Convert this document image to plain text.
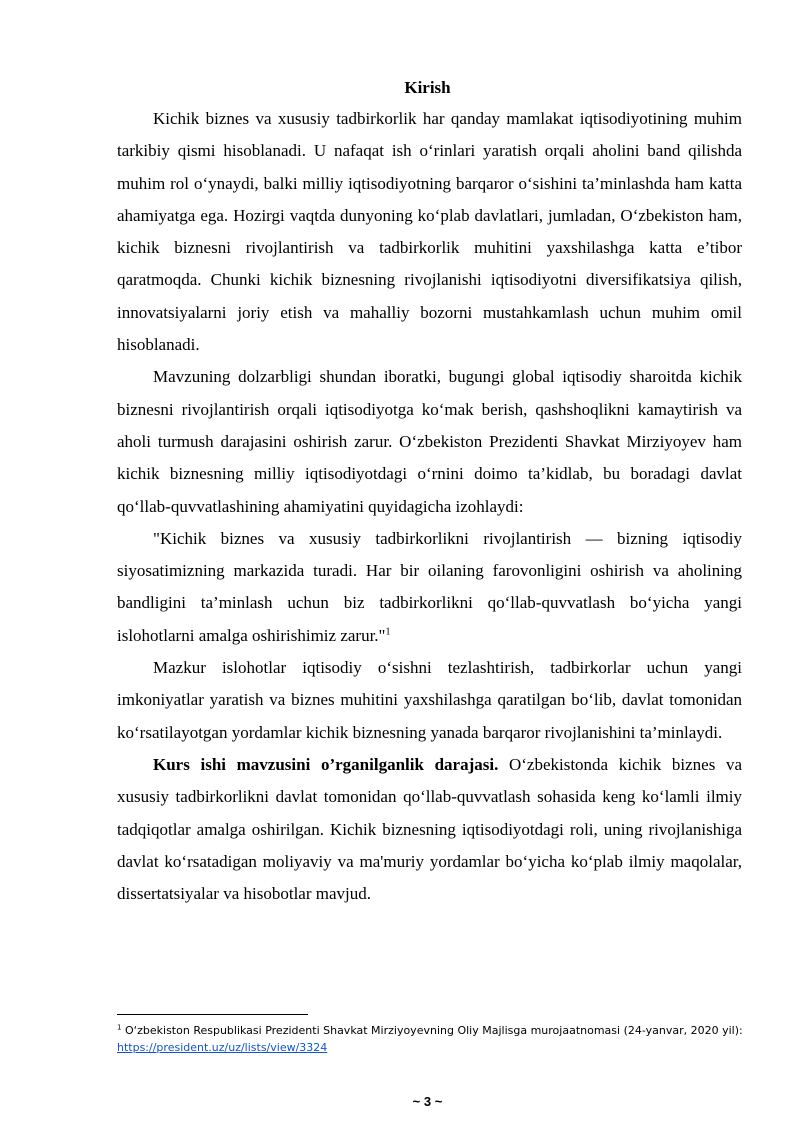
Kirish

Kichik biznes va xususiy tadbirkorlik har qanday mamlakat iqtisodiyotining muhim tarkibiy qismi hisoblanadi. U nafaqat ish o‘rinlari yaratish orqali aholini band qilishda muhim rol o‘ynaydi, balki milliy iqtisodiyotning barqaror o‘sishini ta’minlashda ham katta ahamiyatga ega. Hozirgi vaqtda dunyoning ko‘plab davlatlari, jumladan, O‘zbekiston ham, kichik biznesni rivojlantirish va tadbirkorlik muhitini yaxshilashga katta e’tibor qaratmoqda. Chunki kichik biznesning rivojlanishi iqtisodiyotni diversifikatsiya qilish, innovatsiyalarni joriy etish va mahalliy bozorni mustahkamlash uchun muhim omil hisoblanadi.

Mavzuning dolzarbligi shundan iboratki, bugungi global iqtisodiy sharoitda kichik biznesni rivojlantirish orqali iqtisodiyotga ko‘mak berish, qashshoqlikni kamaytirish va aholi turmush darajasini oshirish zarur. O‘zbekiston Prezidenti Shavkat Mirziyoyev ham kichik biznesning milliy iqtisodiyotdagi o‘rnini doimo ta’kidlab, bu boradagi davlat qo‘llab-quvvatlashining ahamiyatini quyidagicha izohlaydi:

"Kichik biznes va xususiy tadbirkorlikni rivojlantirish — bizning iqtisodiy siyosatimizning markazida turadi. Har bir oilaning farovonligini oshirish va aholining bandligini ta’minlash uchun biz tadbirkorlikni qo‘llab-quvvatlash bo‘yicha yangi islohotlarni amalga oshirishimiz zarur."$^1$

Mazkur islohotlar iqtisodiy o‘sishni tezlashtirish, tadbirkorlar uchun yangi imkoniyatlar yaratish va biznes muhitini yaxshilashga qaratilgan bo‘lib, davlat tomonidan ko‘rsatilayotgan yordamlar kichik biznesning yanada barqaror rivojlanishini ta’minlaydi.

Kurs ishi mavzusini o’rganilganlik darajasi. O‘zbekistonda kichik biznes va xususiy tadbirkorlikni davlat tomonidan qo‘llab-quvvatlash sohasida keng ko‘lamli ilmiy tadqiqotlar amalga oshirilgan. Kichik biznesning iqtisodiyotdagi roli, uning rivojlanishiga davlat ko‘rsatadigan moliyaviy va ma'muriy yordamlar bo‘yicha ko‘plab ilmiy maqolalar, dissertatsiyalar va hisobotlar mavjud.

$^1$ O‘zbekiston Respublikasi Prezidenti Shavkat Mirziyoyevning Oliy Majlisga murojaatnomasi (24-yanvar, 2020 yil): https://president.uz/uz/lists/view/3324
~ 3 ~
